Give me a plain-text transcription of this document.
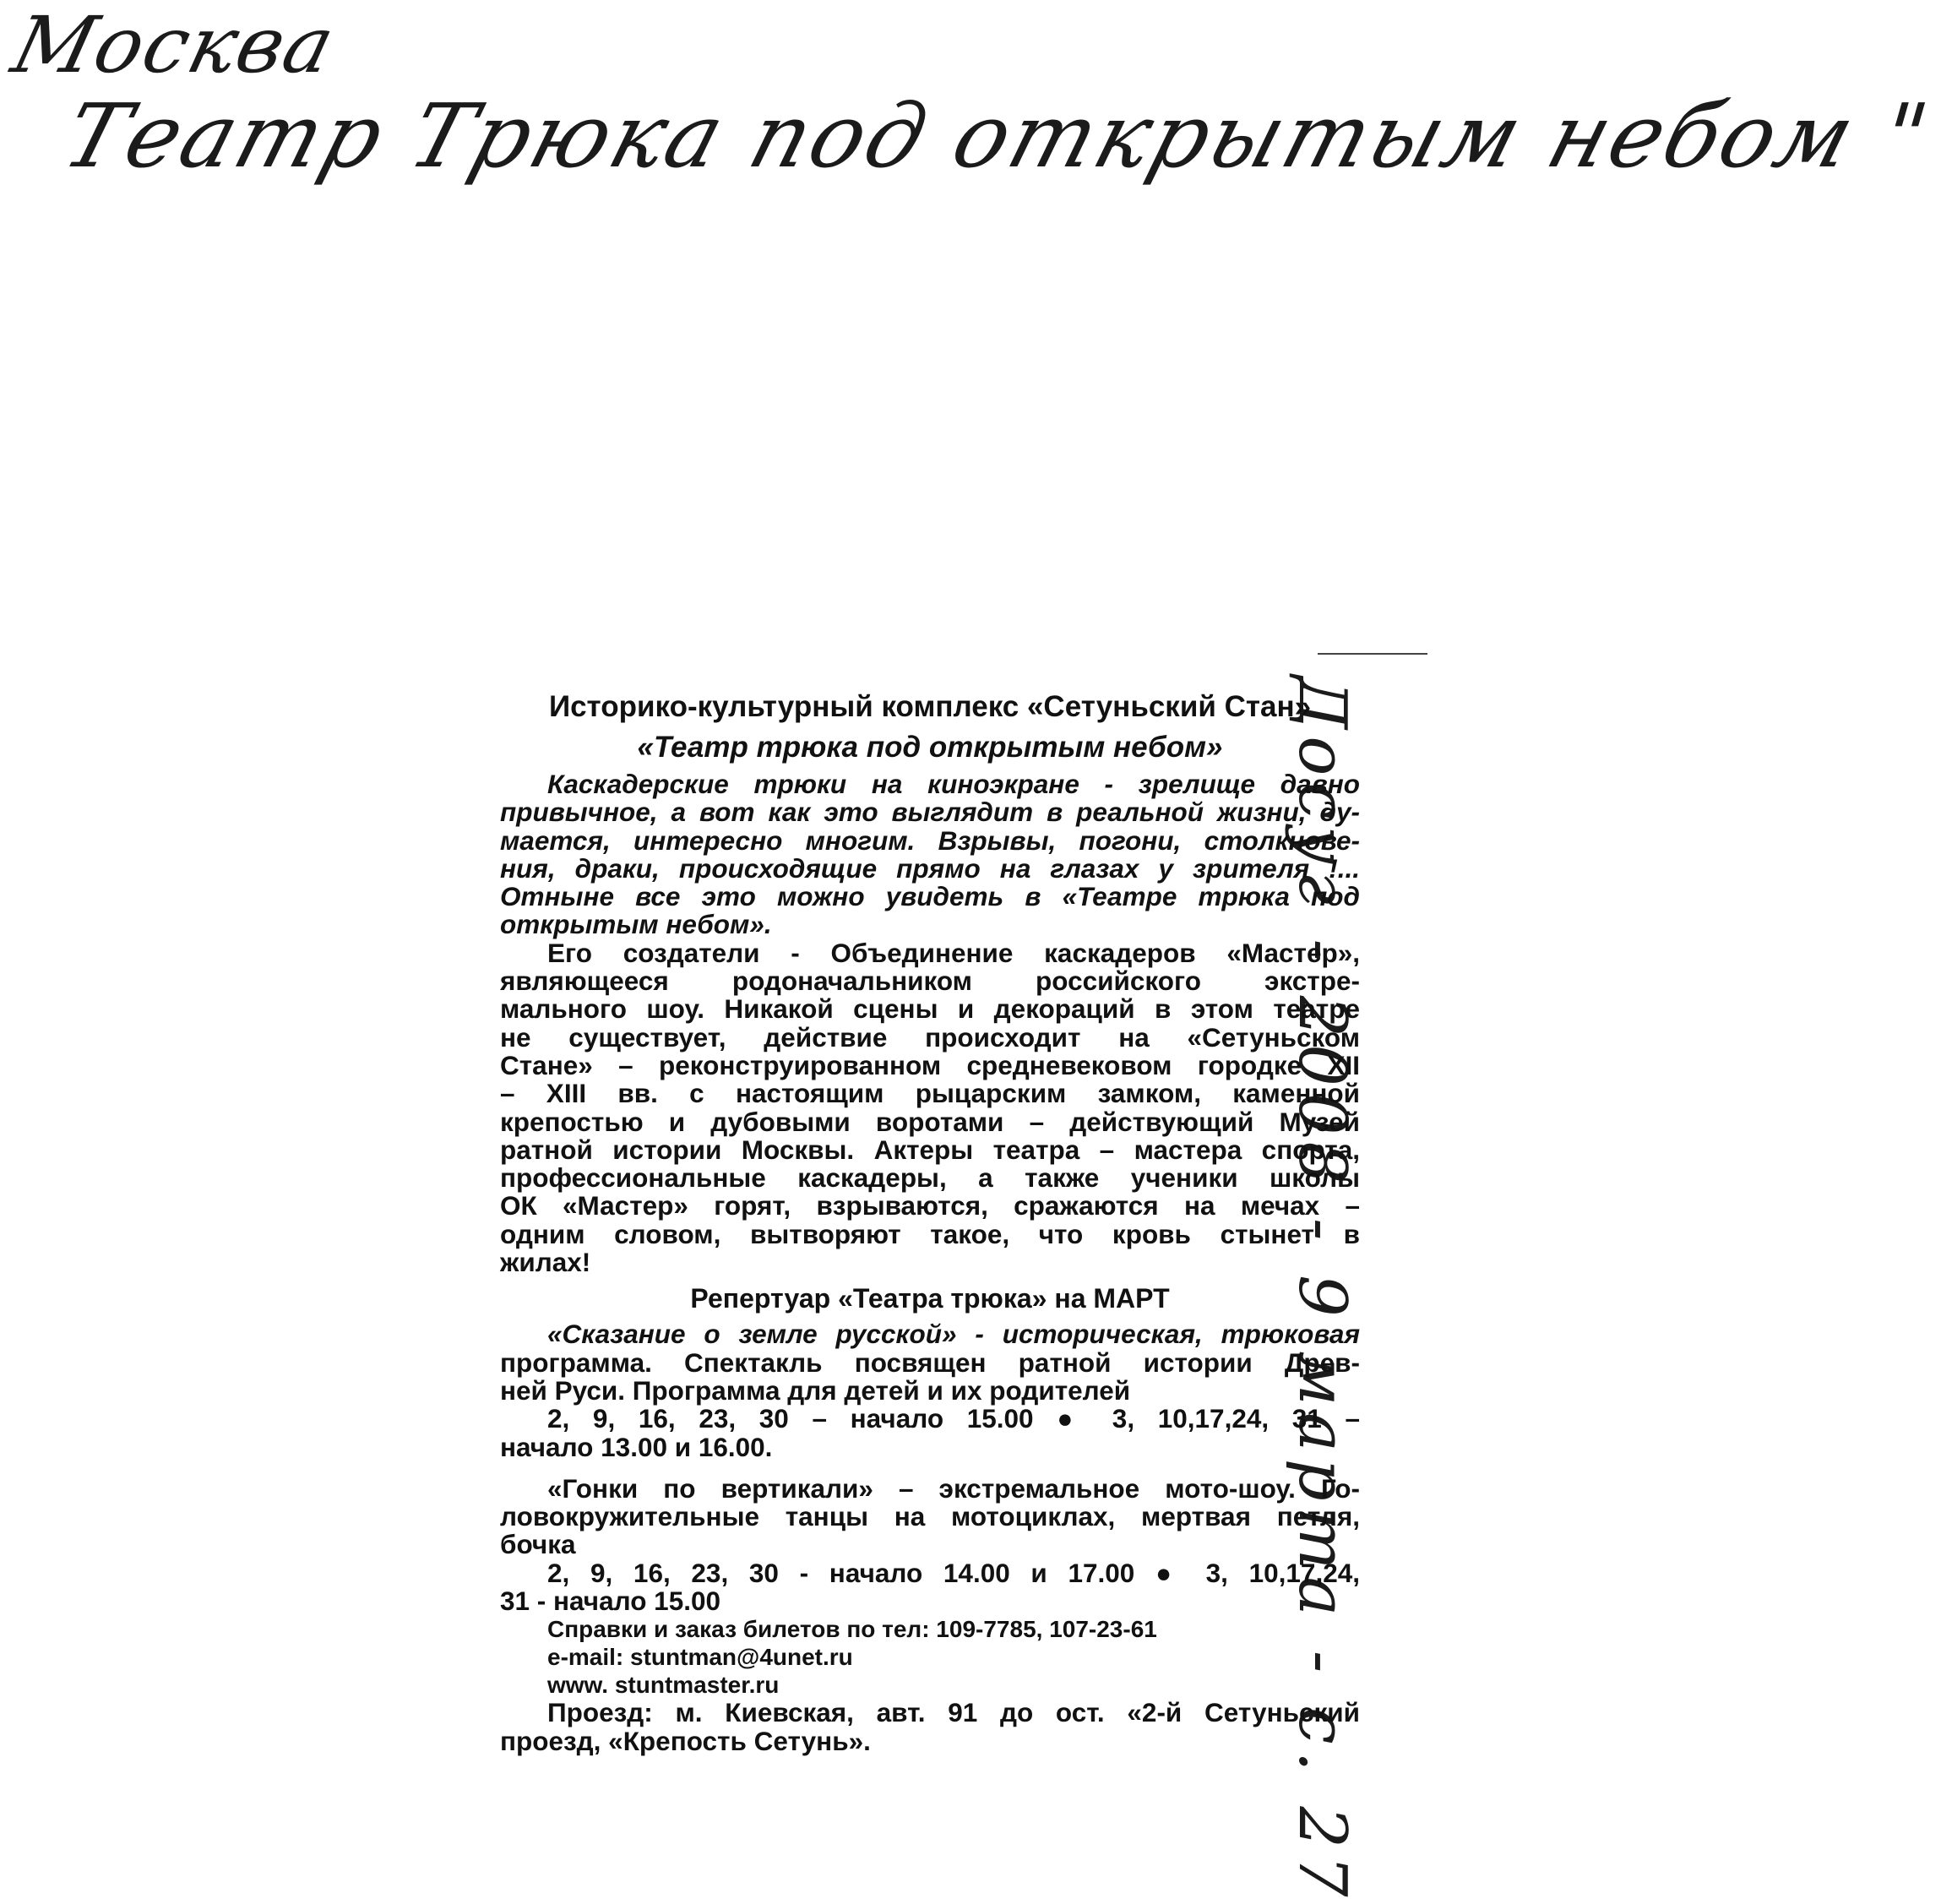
Москва
Театр Трюка под открытым небом "
Досуг - 2008 - 9 марта - с. 27
Историко-культурный комплекс «Сетуньский Стан»
«Театр трюка под открытым небом»
Каскадерские трюки на киноэкране - зрелище давно
привычное, а вот как это выглядит в реальной жизни, ду-
мается, интересно многим. Взрывы, погони, столкнове-
ния, драки, происходящие прямо на глазах у зрителя !...
Отныне все это можно увидеть в «Театре трюка под
открытым небом».
Его создатели - Объединение каскадеров «Мастер»,
являющееся родоначальником российского экстре-
мального шоу. Никакой сцены и декораций в этом театре
не существует, действие происходит на «Сетуньском
Стане» – реконструированном средневековом городке XII
– XIII вв. с настоящим рыцарским замком, каменной
крепостью и дубовыми воротами – действующий Музей
ратной истории Москвы. Актеры театра – мастера спорта,
профессиональные каскадеры, а также ученики школы
ОК «Мастер» горят, взрываются, сражаются на мечах –
одним словом, вытворяют такое, что кровь стынет в
жилах!
Репертуар «Театра трюка» на МАРТ
«Сказание о земле русской» - историческая, трюковая
программа. Спектакль посвящен ратной истории Древ-
ней Руси. Программа для детей и их родителей
2, 9, 16, 23, 30 – начало 15.00 ● 3, 10,17,24, 31 –
начало 13.00 и 16.00.
«Гонки по вертикали» – экстремальное мото-шоу. Го-
ловокружительные танцы на мотоциклах, мертвая петля,
бочка
2, 9, 16, 23, 30 - начало 14.00 и 17.00 ● 3, 10,17,24,
31 - начало 15.00
Справки и заказ билетов по тел: 109-7785, 107-23-61
e-mail: stuntman@4unet.ru
www. stuntmaster.ru
Проезд: м. Киевская, авт. 91 до ост. «2-й Сетуньский
проезд, «Крепость Сетунь».
